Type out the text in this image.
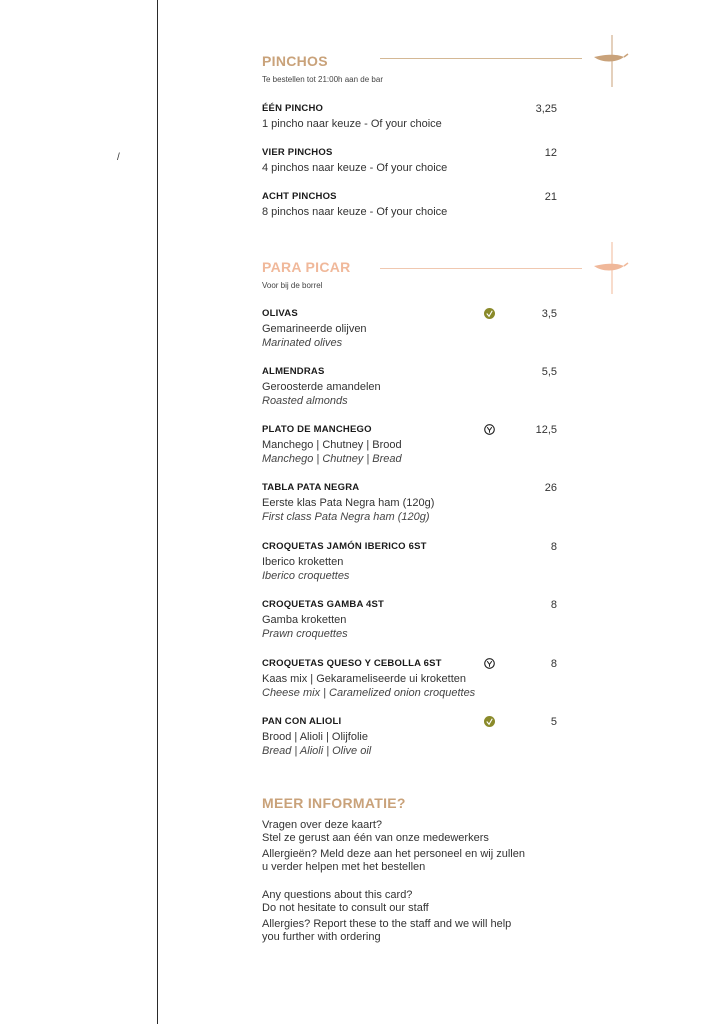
/
PINCHOS
Te bestellen tot 21:00h aan de bar
ÉÉN PINCHO
1 pincho naar keuze - Of your choice
3,25
VIER PINCHOS
4 pinchos naar keuze - Of your choice
12
ACHT PINCHOS
8 pinchos naar keuze - Of your choice
21
PARA PICAR
Voor bij de borrel
OLIVAS
Gemarineerde olijven
Marinated olives
3,5
ALMENDRAS
Geroosterde amandelen
Roasted almonds
5,5
PLATO DE MANCHEGO
Manchego | Chutney | Brood
Manchego | Chutney | Bread
12,5
TABLA PATA NEGRA
Eerste klas Pata Negra ham (120g)
First class Pata Negra ham (120g)
26
CROQUETAS JAMÓN IBERICO 6ST
Iberico kroketten
Iberico croquettes
8
CROQUETAS GAMBA 4ST
Gamba kroketten
Prawn croquettes
8
CROQUETAS QUESO Y CEBOLLA 6ST
Kaas mix | Gekarameliseerde ui kroketten
Cheese mix | Caramelized onion croquettes
8
PAN CON ALIOLI
Brood | Alioli | Olijfolie
Bread | Alioli | Olive oil
5
MEER INFORMATIE?

Vragen over deze kaart?

Stel ze gerust aan één van onze medewerkers

Allergieën? Meld deze aan het personeel en wij zullen

u verder helpen met het bestellen

Any questions about this card?

Do not hesitate to consult our staff

Allergies? Report these to the staff and we will help

you further with ordering
